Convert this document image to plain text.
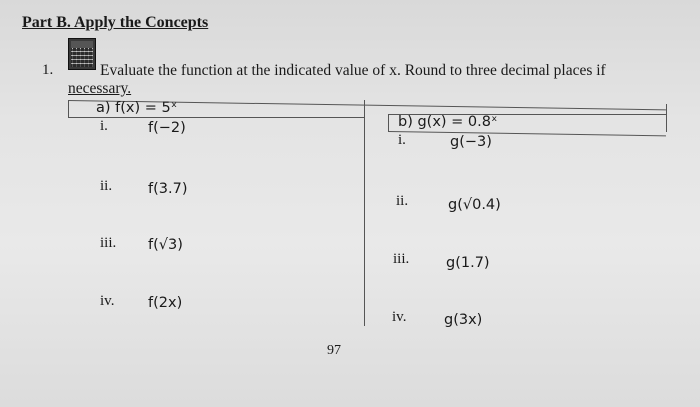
Part B. Apply the Concepts
1.	Evaluate the function at the indicated value of x. Round to three decimal places if
necessary.
a) f(x) = 5ˣ
i.	f(−2)
ii. f(3.7)
iii. f(√3)
iv. f(2x)
b) g(x) = 0.8ˣ
i.	g(−3)
ii.	g(√0.4)
iii.	g(1.7)
iv.	g(3x)
97
